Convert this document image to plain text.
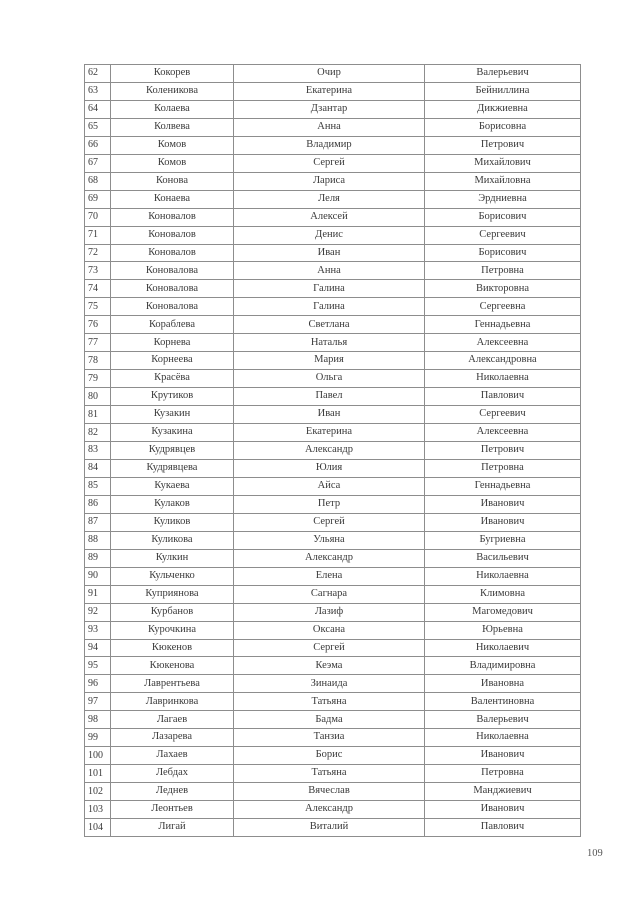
62	Кокорев	Очир	Валерьевич
63	Коленикова	Екатерина	Бейниллина
64	Колаева	Дзантар	Дикжиевна
65	Колвева	Анна	Борисовна
66	Комов	Владимир	Петрович
67	Комов	Сергей	Михайлович
68	Конова	Лариса	Михайловна
69	Конаева	Леля	Эрдниевна
70	Коновалов	Алексей	Борисович
71	Коновалов	Денис	Сергеевич
72	Коновалов	Иван	Борисович
73	Коновалова	Анна	Петровна
74	Коновалова	Галина	Викторовна
75	Коновалова	Галина	Сергеевна
76	Кораблева	Светлана	Геннадьевна
77	Корнева	Наталья	Алексеевна
78	Корнеева	Мария	Александровна
79	Красёва	Ольга	Николаевна
80	Крутиков	Павел	Павлович
81	Кузакин	Иван	Сергеевич
82	Кузакина	Екатерина	Алексеевна
83	Кудрявцев	Александр	Петрович
84	Кудрявцева	Юлия	Петровна
85	Кукаева	Айса	Геннадьевна
86	Кулаков	Петр	Иванович
87	Куликов	Сергей	Иванович
88	Куликова	Ульяна	Бугриевна
89	Кулкин	Александр	Васильевич
90	Кульченко	Елена	Николаевна
91	Куприянова	Сагнара	Климовна
92	Курбанов	Лазиф	Магомедович
93	Курочкина	Оксана	Юрьевна
94	Кюкенов	Сергей	Николаевич
95	Кюкенова	Кеэма	Владимировна
96	Лаврентьева	Зинаида	Ивановна
97	Лавринкова	Татьяна	Валентиновна
98	Лагаев	Бадма	Валерьевич
99	Лазарева	Танзиа	Николаевна
100	Лахаев	Борис	Иванович
101	Лебдах	Татьяна	Петровна
102	Леднев	Вячеслав	Манджиевич
103	Леонтьев	Александр	Иванович
104	Лигай	Виталий	Павлович
109
